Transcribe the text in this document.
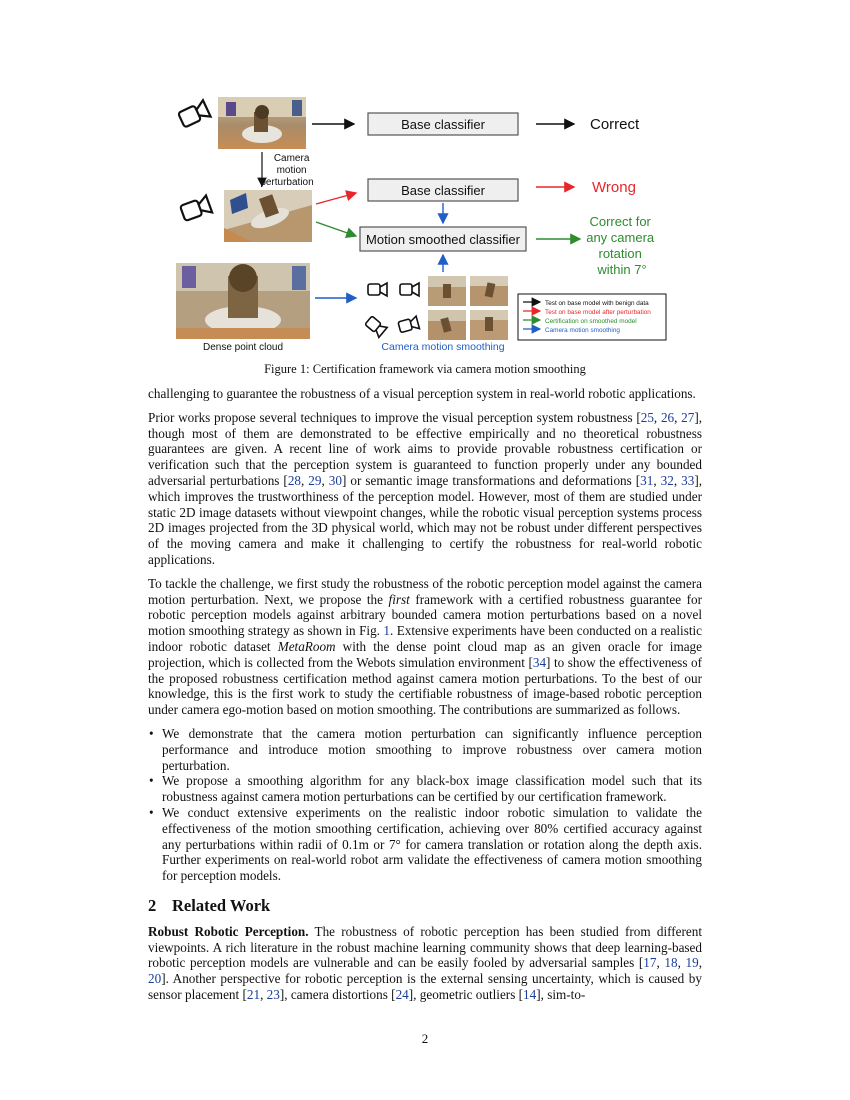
Camera motion perturbation
Dense point cloud
Base classifier
Base classifier
Motion smoothed classifier
Correct
Wrong
Correct for any camera rotation within 7°
Camera motion smoothing
Test on base model with benign data
Test on base model after perturbation
Certification on smoothed model
Camera motion smoothing
Figure 1: Certification framework via camera motion smoothing

challenging to guarantee the robustness of a visual perception system in real-world robotic applications.

Prior works propose several techniques to improve the visual perception system robustness [25, 26, 27], though most of them are demonstrated to be effective empirically and no theoretical robustness guarantees are given. A recent line of work aims to provide provable robustness certification or verification such that the perception system is guaranteed to function properly under any bounded adversarial perturbations [28, 29, 30] or semantic image transformations and deformations [31, 32, 33], which improves the trustworthiness of the perception model. However, most of them are studied under static 2D image datasets without viewpoint changes, while the robotic visual perception systems process 2D images projected from the 3D physical world, which may not be robust under different perspectives of the moving camera and make it challenging to certify the robustness for real-world robotic applications.

To tackle the challenge, we first study the robustness of the robotic perception model against the camera motion perturbation. Next, we propose the first framework with a certified robustness guarantee for robotic perception models against arbitrary bounded camera motion perturbations based on a novel motion smoothing strategy as shown in Fig. 1. Extensive experiments have been conducted on a realistic indoor robotic dataset MetaRoom with the dense point cloud map as an given oracle for image projection, which is collected from the Webots simulation environment [34] to show the effectiveness of the proposed robustness certification method against camera motion perturbations. To the best of our knowledge, this is the first work to study the certifiable robustness of image-based robotic perception under camera ego-motion based on motion smoothing. The contributions are summarized as follows.

• We demonstrate that the camera motion perturbation can significantly influence perception performance and introduce motion smoothing to improve robustness over camera motion perturbation.
• We propose a smoothing algorithm for any black-box image classification model such that its robustness against camera motion perturbations can be certified by our certification framework.
• We conduct extensive experiments on the realistic indoor robotic simulation to validate the effectiveness of the motion smoothing certification, achieving over 80% certified accuracy against any perturbations within radii of 0.1m or 7° for camera translation or rotation along the depth axis. Further experiments on real-world robot arm validate the effectiveness of camera motion smoothing for perception models.
2 Related Work

Robust Robotic Perception. The robustness of robotic perception has been studied from different viewpoints. A rich literature in the robust machine learning community shows that deep learning-based robotic perception models are vulnerable and can be easily fooled by adversarial samples [17, 18, 19, 20]. Another perspective for robotic perception is the external sensing uncertainty, which is caused by sensor placement [21, 23], camera distortions [24], geometric outliers [14], sim-to-

2
